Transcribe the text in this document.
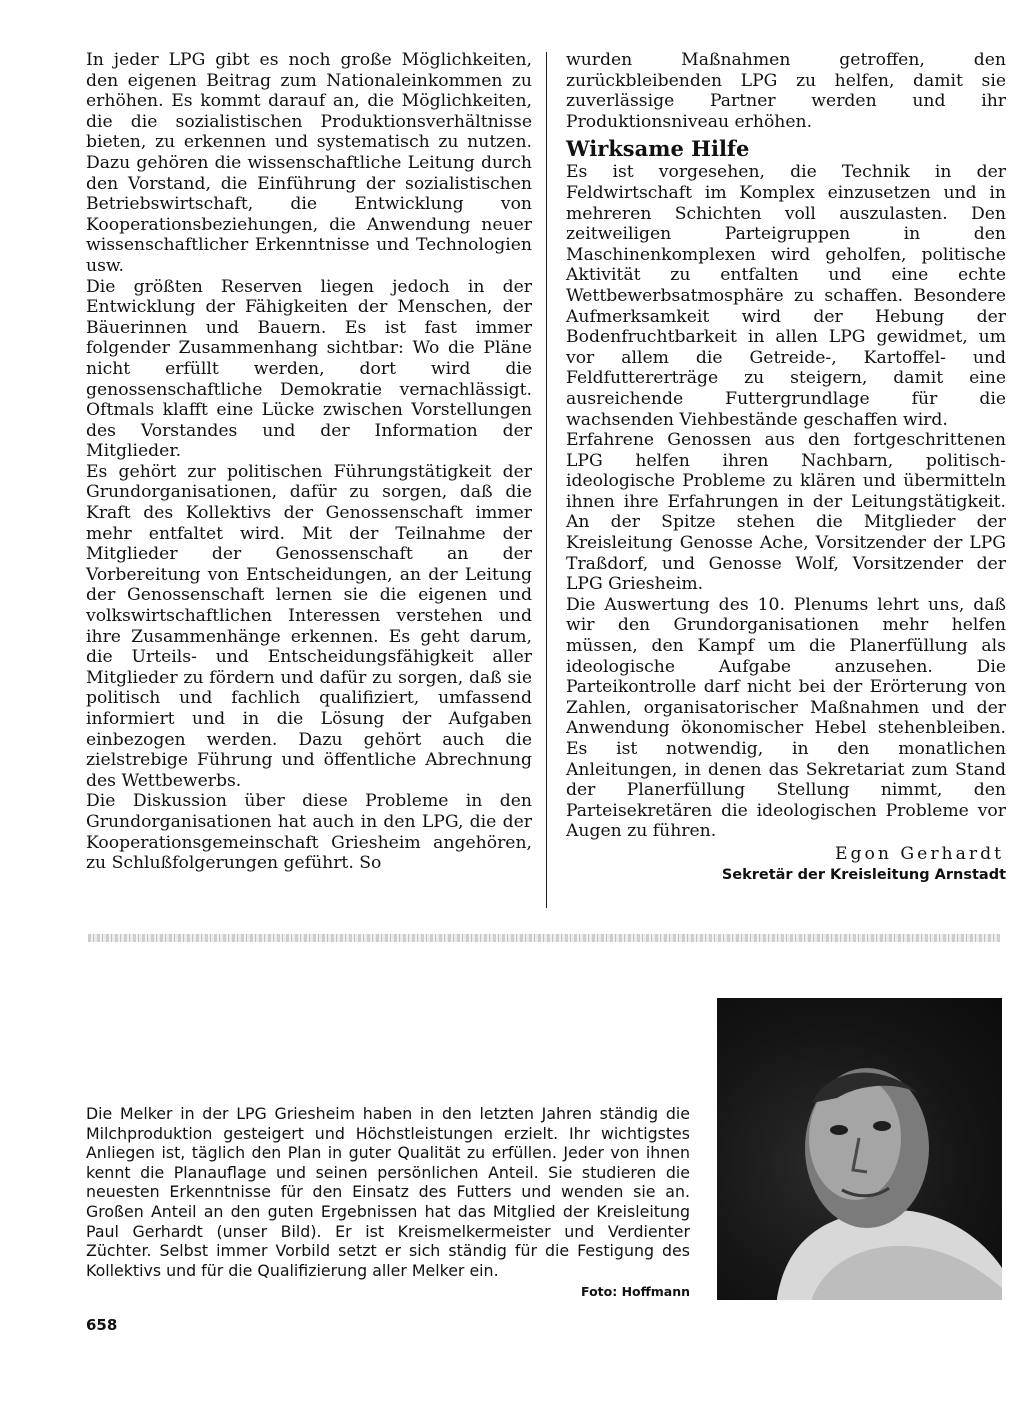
In jeder LPG gibt es noch große Möglichkeiten, den eigenen Beitrag zum Nationaleinkommen zu erhöhen. Es kommt darauf an, die Möglichkeiten, die die sozialistischen Produktionsverhältnisse bieten, zu erkennen und systematisch zu nutzen. Dazu gehören die wissenschaftliche Leitung durch den Vorstand, die Einführung der sozialistischen Betriebswirtschaft, die Entwicklung von Kooperationsbeziehungen, die Anwendung neuer wissenschaftlicher Erkenntnisse und Technologien usw.

Die größten Reserven liegen jedoch in der Entwicklung der Fähigkeiten der Menschen, der Bäuerinnen und Bauern. Es ist fast immer folgender Zusammenhang sichtbar: Wo die Pläne nicht erfüllt werden, dort wird die genossenschaftliche Demokratie vernachlässigt. Oftmals klafft eine Lücke zwischen Vorstellungen des Vorstandes und der Information der Mitglieder.

Es gehört zur politischen Führungstätigkeit der Grundorganisationen, dafür zu sorgen, daß die Kraft des Kollektivs der Genossenschaft immer mehr entfaltet wird. Mit der Teilnahme der Mitglieder der Genossenschaft an der Vorbereitung von Entscheidungen, an der Leitung der Genossenschaft lernen sie die eigenen und volkswirtschaftlichen Interessen verstehen und ihre Zusammenhänge erkennen. Es geht darum, die Urteils- und Entscheidungsfähigkeit aller Mitglieder zu fördern und dafür zu sorgen, daß sie politisch und fachlich qualifiziert, umfassend informiert und in die Lösung der Aufgaben einbezogen werden. Dazu gehört auch die zielstrebige Führung und öffentliche Abrechnung des Wettbewerbs.

Die Diskussion über diese Probleme in den Grundorganisationen hat auch in den LPG, die der Kooperationsgemeinschaft Griesheim angehören, zu Schlußfolgerungen geführt. So

wurden Maßnahmen getroffen, den zurückbleibenden LPG zu helfen, damit sie zuverlässige Partner werden und ihr Produktionsniveau erhöhen.

Wirksame Hilfe

Es ist vorgesehen, die Technik in der Feldwirtschaft im Komplex einzusetzen und in mehreren Schichten voll auszulasten. Den zeitweiligen Parteigruppen in den Maschinenkomplexen wird geholfen, politische Aktivität zu entfalten und eine echte Wettbewerbsatmosphäre zu schaffen. Besondere Aufmerksamkeit wird der Hebung der Bodenfruchtbarkeit in allen LPG gewidmet, um vor allem die Getreide-, Kartoffel- und Feldfuttererträge zu steigern, damit eine ausreichende Futtergrundlage für die wachsenden Viehbestände geschaffen wird.

Erfahrene Genossen aus den fortgeschrittenen LPG helfen ihren Nachbarn, politisch-ideologische Probleme zu klären und übermitteln ihnen ihre Erfahrungen in der Leitungstätigkeit. An der Spitze stehen die Mitglieder der Kreisleitung Genosse Ache, Vorsitzender der LPG Traßdorf, und Genosse Wolf, Vorsitzender der LPG Griesheim.

Die Auswertung des 10. Plenums lehrt uns, daß wir den Grundorganisationen mehr helfen müssen, den Kampf um die Planerfüllung als ideologische Aufgabe anzusehen. Die Parteikontrolle darf nicht bei der Erörterung von Zahlen, organisatorischer Maßnahmen und der Anwendung ökonomischer Hebel stehenbleiben. Es ist notwendig, in den monatlichen Anleitungen, in denen das Sekretariat zum Stand der Planerfüllung Stellung nimmt, den Parteisekretären die ideologischen Probleme vor Augen zu führen.

Egon Gerhardt
Sekretär der Kreisleitung Arnstadt

Die Melker in der LPG Griesheim haben in den letzten Jahren ständig die Milchproduktion gesteigert und Höchstleistungen erzielt. Ihr wichtigstes Anliegen ist, täglich den Plan in guter Qualität zu erfüllen. Jeder von ihnen kennt die Planauflage und seinen persönlichen Anteil. Sie studieren die neuesten Erkenntnisse für den Einsatz des Futters und wenden sie an. Großen Anteil an den guten Ergebnissen hat das Mitglied der Kreisleitung Paul Gerhardt (unser Bild). Er ist Kreismelkermeister und Verdienter Züchter. Selbst immer Vorbild setzt er sich ständig für die Festigung des Kollektivs und für die Qualifizierung aller Melker ein.

Foto: Hoffmann
658
